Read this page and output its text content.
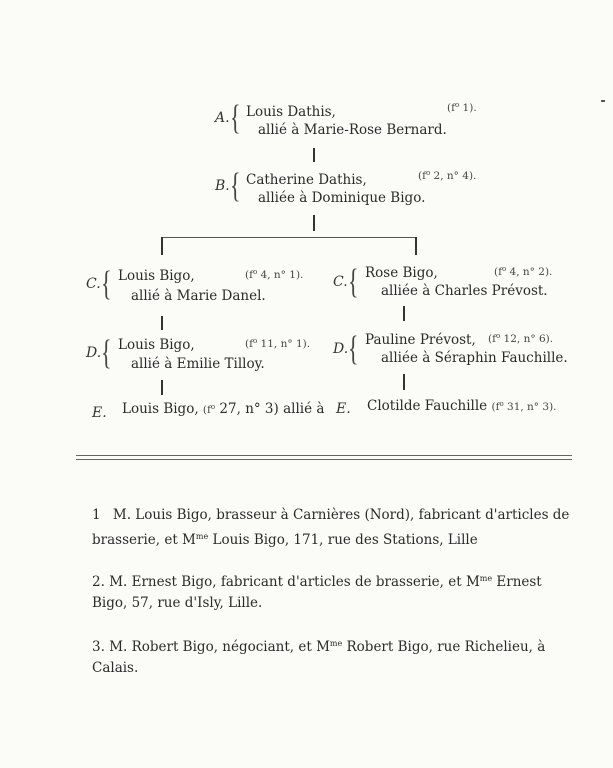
A. { Louis Dathis,
allié à Marie-Rose Bernard.
($f^o$ 1).
B. { Catherine Dathis,
alliée à Dominique Bigo.
($f^o$ 2, n° 4).
C. { Louis Bigo,
allié à Marie Danel.
($f^o$ 4, n° 1). C. { Rose Bigo,
alliée à Charles Prévost.
($f^o$ 4, n° 2).
D. { Louis Bigo,
allié à Emilie Tilloy.
($f^o$ 11, n° 1). D. { Pauline Prévost,
alliée à Séraphin Fauchille.
($f^o$ 12, n° 6).
E. Louis Bigo, ($f^o$ 27, n° 3) allié à E. Clotilde Fauchille ($f^o$ 31, n° 3).
1 M. Louis Bigo, brasseur à Carnières (Nord), fabricant d'articles de brasserie, et $M^{me}$ Louis Bigo, 171, rue des Stations, Lille
2. M. Ernest Bigo, fabricant d'articles de brasserie, et $M^{me}$ Ernest Bigo, 57, rue d'Isly, Lille.
3. M. Robert Bigo, négociant, et $M^{me}$ Robert Bigo, rue Richelieu, à Calais.
